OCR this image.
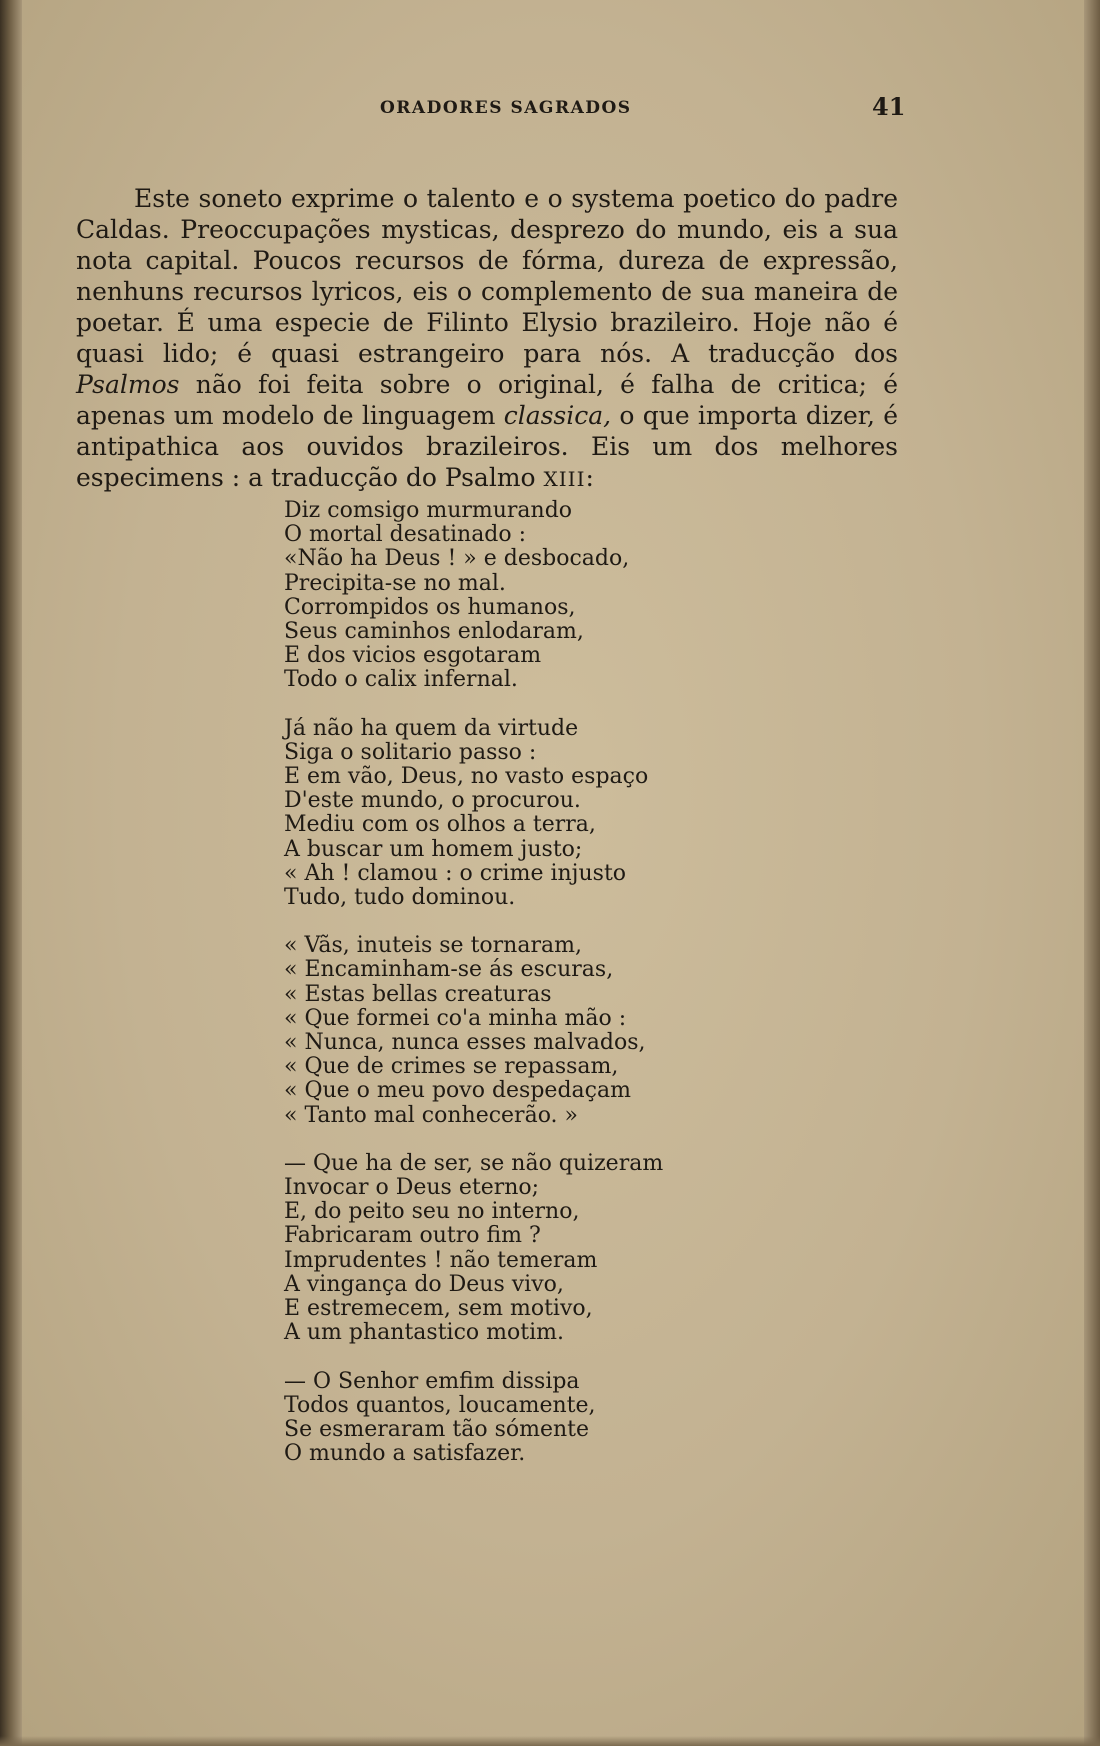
ORADORES SAGRADOS	41

Este soneto exprime o talento e o systema poetico do padre Caldas. Preoccupações mysticas, desprezo do mundo, eis a sua nota capital. Poucos recursos de fórma, dureza de expressão, nenhuns recursos lyricos, eis o complemento de sua maneira de poetar. É uma especie de Filinto Elysio brazileiro. Hoje não é quasi lido; é quasi estrangeiro para nós. A traducção dos Psalmos não foi feita sobre o original, é falha de critica; é apenas um modelo de linguagem classica, o que importa dizer, é antipathica aos ouvidos brazileiros. Eis um dos melhores especimens : a traducção do Psalmo XIII:

Diz comsigo murmurando
O mortal desatinado :
«Não ha Deus ! » e desbocado,
Precipita-se no mal.
Corrompidos os humanos,
Seus caminhos enlodaram,
E dos vicios esgotaram
Todo o calix infernal.
Já não ha quem da virtude
Siga o solitario passo :
E em vão, Deus, no vasto espaço
D'este mundo, o procurou.
Mediu com os olhos a terra,
A buscar um homem justo;
« Ah ! clamou : o crime injusto
Tudo, tudo dominou.
« Vãs, inuteis se tornaram,
« Encaminham-se ás escuras,
« Estas bellas creaturas
« Que formei co'a minha mão :
« Nunca, nunca esses malvados,
« Que de crimes se repassam,
« Que o meu povo despedaçam
« Tanto mal conhecerão. »
— Que ha de ser, se não quizeram
Invocar o Deus eterno;
E, do peito seu no interno,
Fabricaram outro fim ?
Imprudentes ! não temeram
A vingança do Deus vivo,
E estremecem, sem motivo,
A um phantastico motim.
— O Senhor emfim dissipa
Todos quantos, loucamente,
Se esmeraram tão sómente
O mundo a satisfazer.
